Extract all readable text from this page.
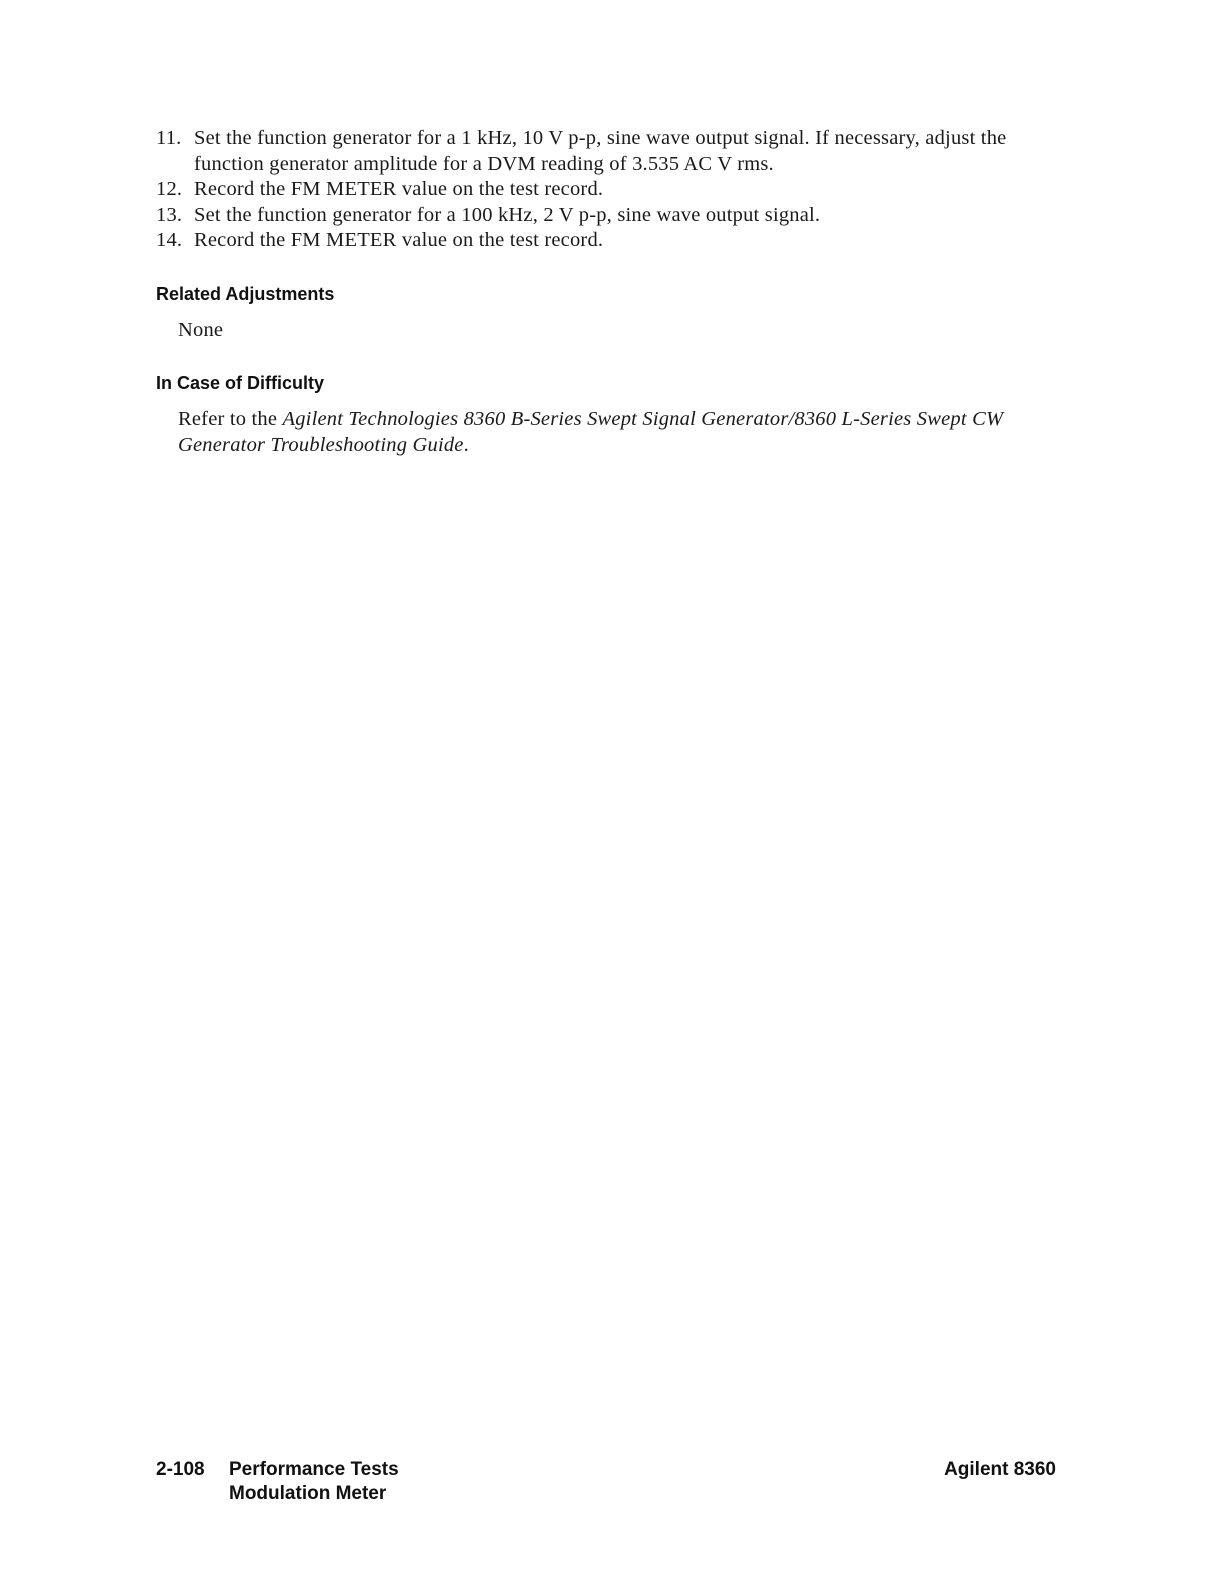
11. Set the function generator for a 1 kHz, 10 V p-p, sine wave output signal. If necessary, adjust the function generator amplitude for a DVM reading of 3.535 AC V rms.
12. Record the FM METER value on the test record.
13. Set the function generator for a 100 kHz, 2 V p-p, sine wave output signal.
14. Record the FM METER value on the test record.
Related Adjustments

None

In Case of Difficulty

Refer to the Agilent Technologies 8360 B-Series Swept Signal Generator/8360 L-Series Swept CW Generator Troubleshooting Guide.

2-108	Performance Tests
Modulation Meter
Agilent 8360
